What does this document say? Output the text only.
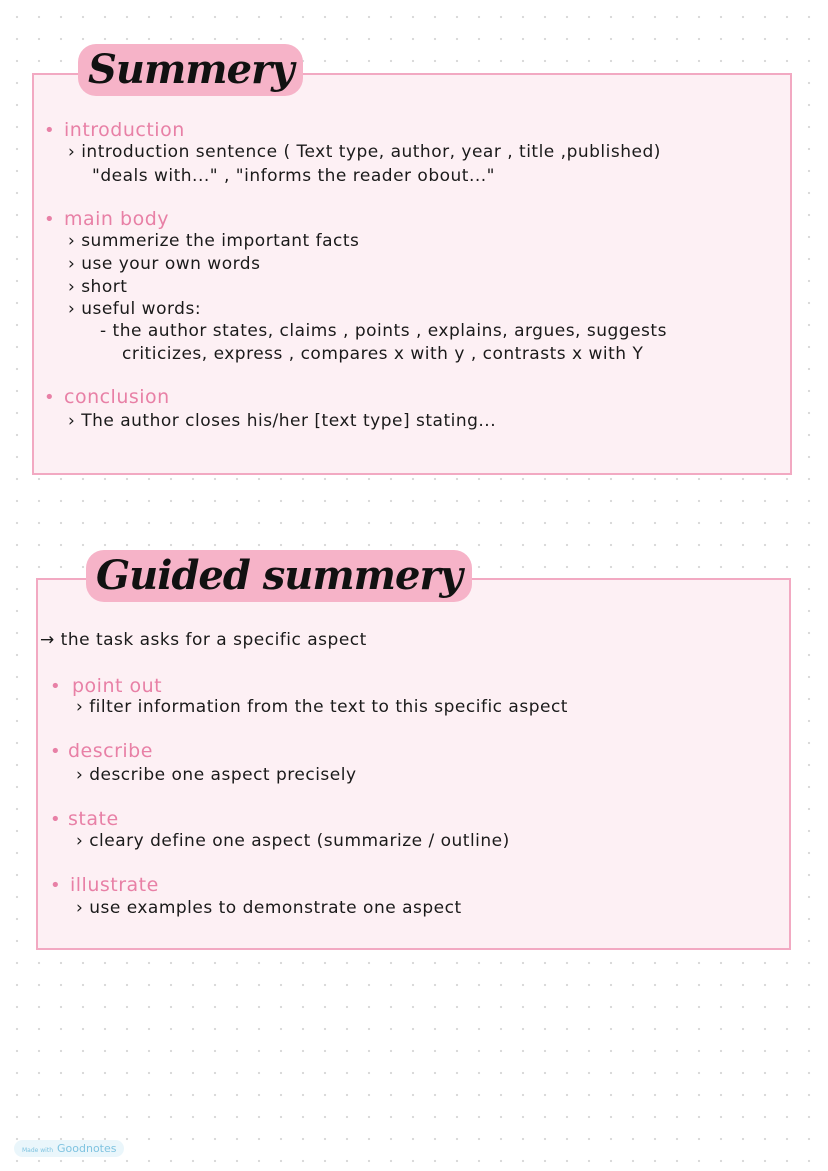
Summery
• introduction
› introduction sentence ( Text type, author, year , title ,published)
"deals with..." , "informs the reader obout..."
• main body
› summerize the important facts
› use your own words
› short
› useful words:
- the author states, claims , points , explains, argues, suggests
criticizes, express , compares x with y , contrasts x with Y
• conclusion
› The author closes his/her [text type] stating...
Guided summery
→ the task asks for a specific aspect
• point out
› filter information from the text to this specific aspect
• describe
› describe one aspect precisely
• state
› cleary define one aspect (summarize / outline)
• illustrate
› use examples to demonstrate one aspect
Made with Goodnotes
